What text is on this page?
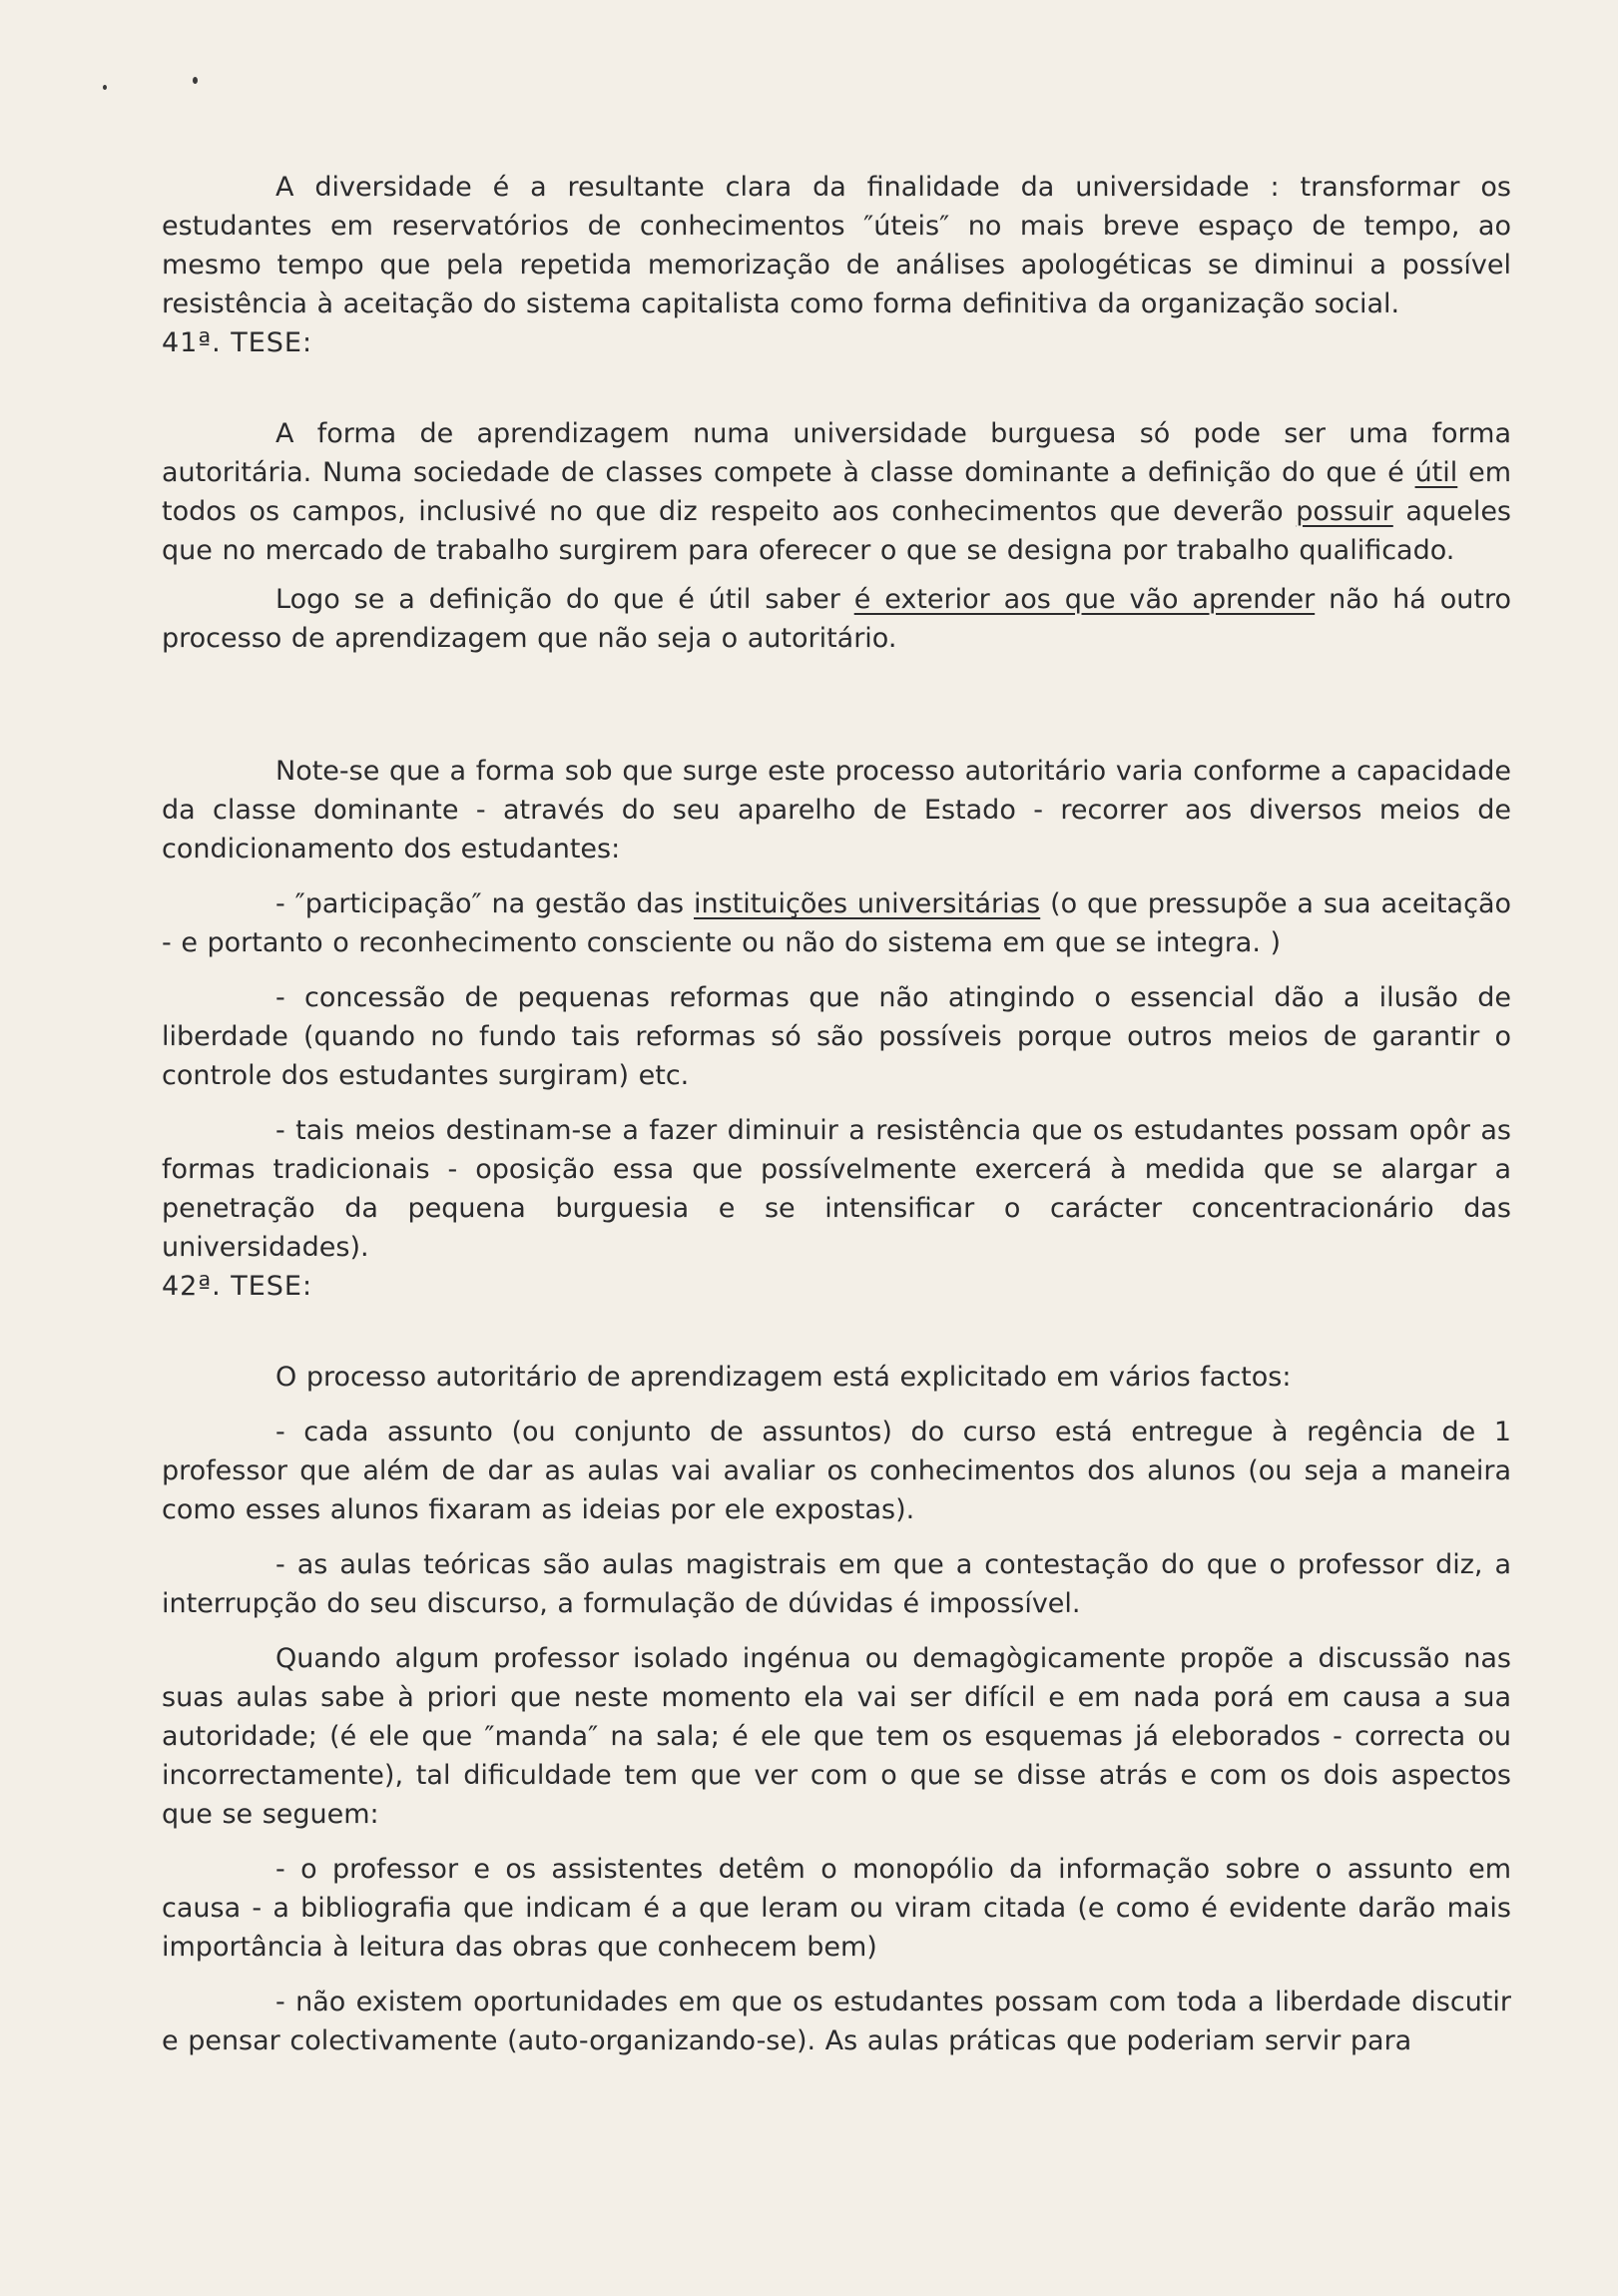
A diversidade é a resultante clara da finalidade da universidade : transformar os estudantes em reservatórios de conhecimentos ″úteis″ no mais breve espaço de tempo, ao mesmo tempo que pela repetida memorização de análises apologéticas se diminui a possível resistência à aceitação do sistema capitalista como forma definitiva da organização social.

41ª. TESE:

A forma de aprendizagem numa universidade burguesa só pode ser uma forma autoritária. Numa sociedade de classes compete à classe dominante a definição do que é útil em todos os campos, inclusivé no que diz respeito aos conhecimentos que deverão possuir aqueles que no mercado de trabalho surgirem para oferecer o que se designa por trabalho qualificado.

Logo se a definição do que é útil saber é exterior aos que vão aprender não há outro processo de aprendizagem que não seja o autoritário.

Note-se que a forma sob que surge este processo autoritário varia conforme a capacidade da classe dominante - através do seu aparelho de Estado - recorrer aos diversos meios de condicionamento dos estudantes:

- ″participação″ na gestão das instituições universitárias (o que pressupõe a sua aceitação - e portanto o reconhecimento consciente ou não do sistema em que se integra. )

- concessão de pequenas reformas que não atingindo o essencial dão a ilusão de liberdade (quando no fundo tais reformas só são possíveis porque outros meios de garantir o controle dos estudantes surgiram) etc.

- tais meios destinam-se a fazer diminuir a resistência que os estudantes possam opôr as formas tradicionais - oposição essa que possívelmente exercerá à medida que se alargar a penetração da pequena burguesia e se intensificar o carácter concentracionário das universidades).

42ª. TESE:

O processo autoritário de aprendizagem está explicitado em vários factos:

- cada assunto (ou conjunto de assuntos) do curso está entregue à regência de 1 professor que além de dar as aulas vai avaliar os conhecimentos dos alunos (ou seja a maneira como esses alunos fixaram as ideias por ele expostas).

- as aulas teóricas são aulas magistrais em que a contestação do que o professor diz, a interrupção do seu discurso, a formulação de dúvidas é impossível.

Quando algum professor isolado ingénua ou demagògicamente propõe a discussão nas suas aulas sabe à priori que neste momento ela vai ser difícil e em nada porá em causa a sua autoridade; (é ele que ″manda″ na sala; é ele que tem os esquemas já eleborados - correcta ou incorrectamente), tal dificuldade tem que ver com o que se disse atrás e com os dois aspectos que se seguem:

- o professor e os assistentes detêm o monopólio da informação sobre o assunto em causa - a bibliografia que indicam é a que leram ou viram citada (e como é evidente darão mais importância à leitura das obras que conhecem bem)

- não existem oportunidades em que os estudantes possam com toda a liberdade discutir e pensar colectivamente (auto-organizando-se). As aulas práticas que poderiam servir para
